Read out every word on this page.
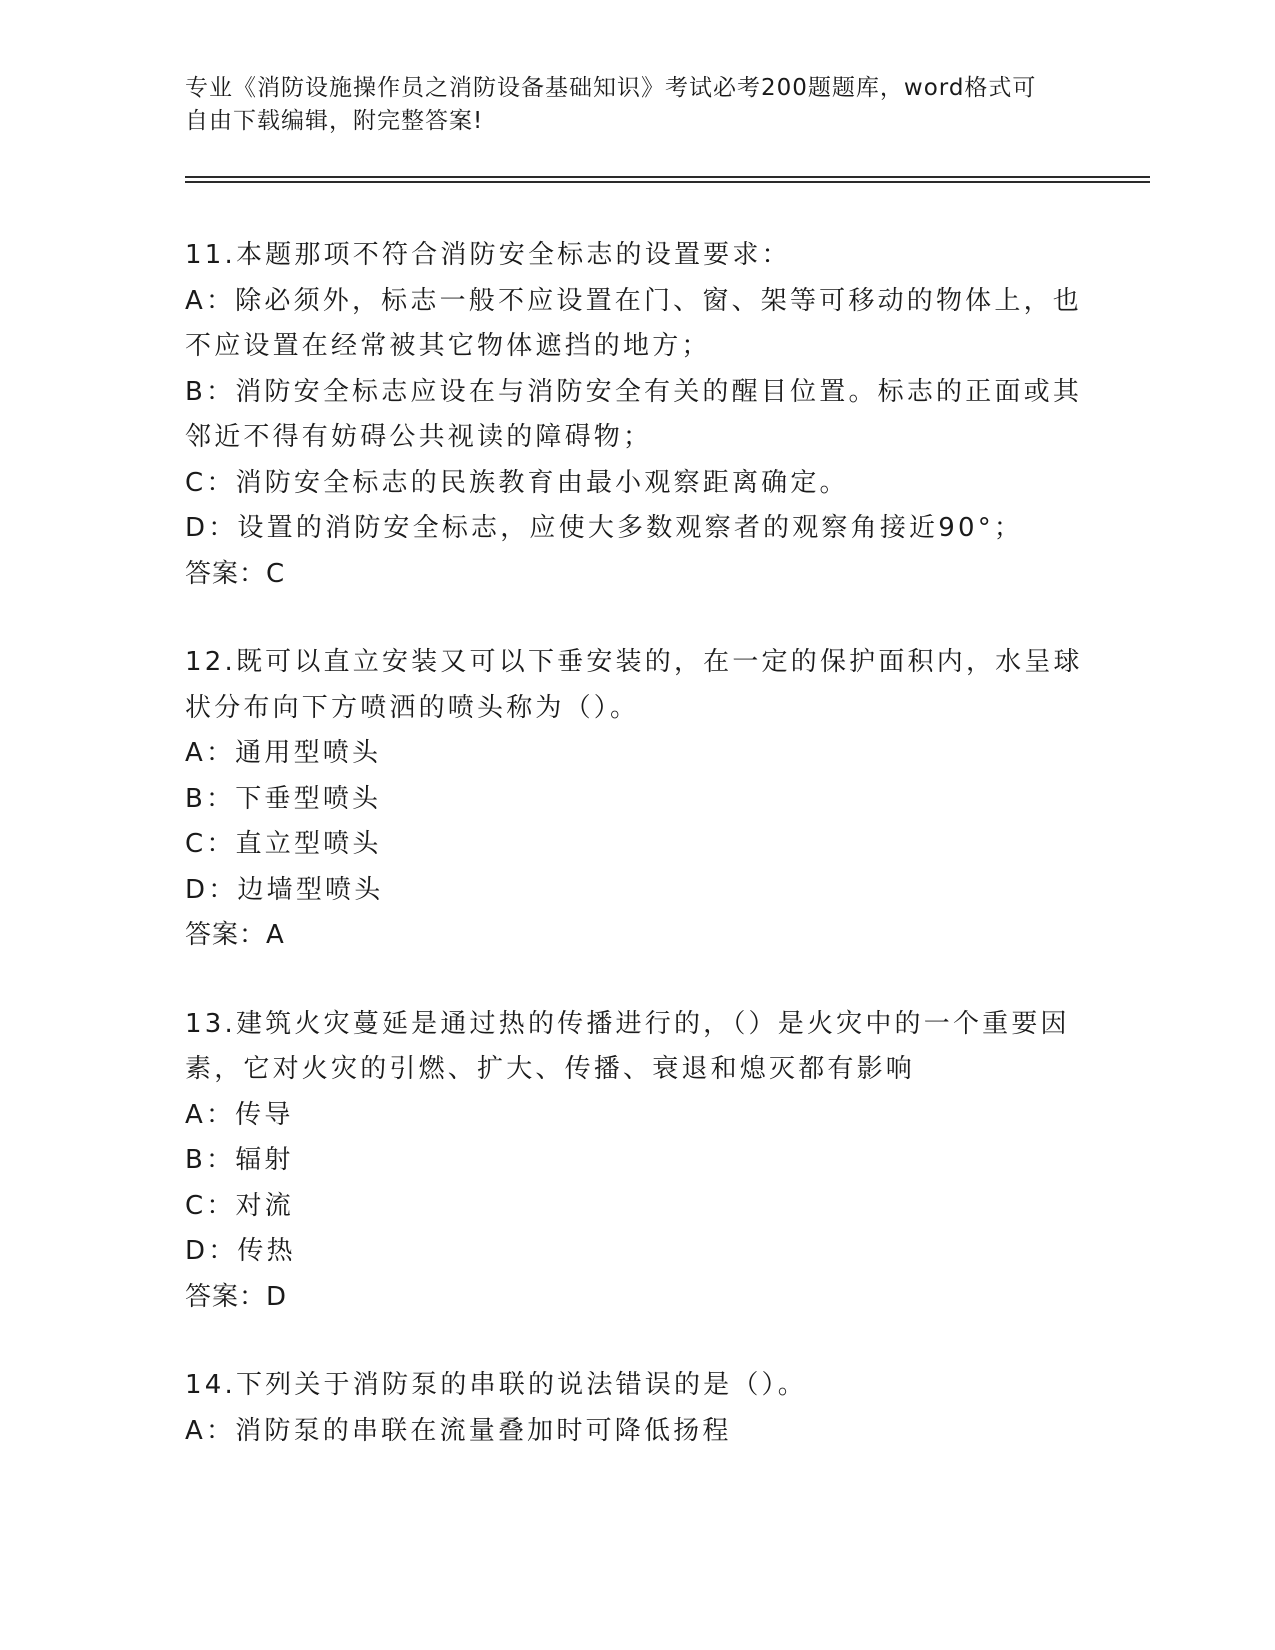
专业《消防设施操作员之消防设备基础知识》考试必考200题题库，word格式可
自由下载编辑，附完整答案!

11.本题那项不符合消防安全标志的设置要求：

A：除必须外，标志一般不应设置在门、窗、架等可移动的物体上，也

不应设置在经常被其它物体遮挡的地方；

B：消防安全标志应设在与消防安全有关的醒目位置。标志的正面或其

邻近不得有妨碍公共视读的障碍物；

C：消防安全标志的民族教育由最小观察距离确定。

D：设置的消防安全标志，应使大多数观察者的观察角接近90°；

答案：C

12.既可以直立安装又可以下垂安装的，在一定的保护面积内，水呈球

状分布向下方喷洒的喷头称为（）。

A：通用型喷头

B：下垂型喷头

C：直立型喷头

D：边墙型喷头

答案：A

13.建筑火灾蔓延是通过热的传播进行的，（）是火灾中的一个重要因

素，它对火灾的引燃、扩大、传播、衰退和熄灭都有影响

A：传导

B：辐射

C：对流

D：传热

答案：D

14.下列关于消防泵的串联的说法错误的是（）。

A：消防泵的串联在流量叠加时可降低扬程
